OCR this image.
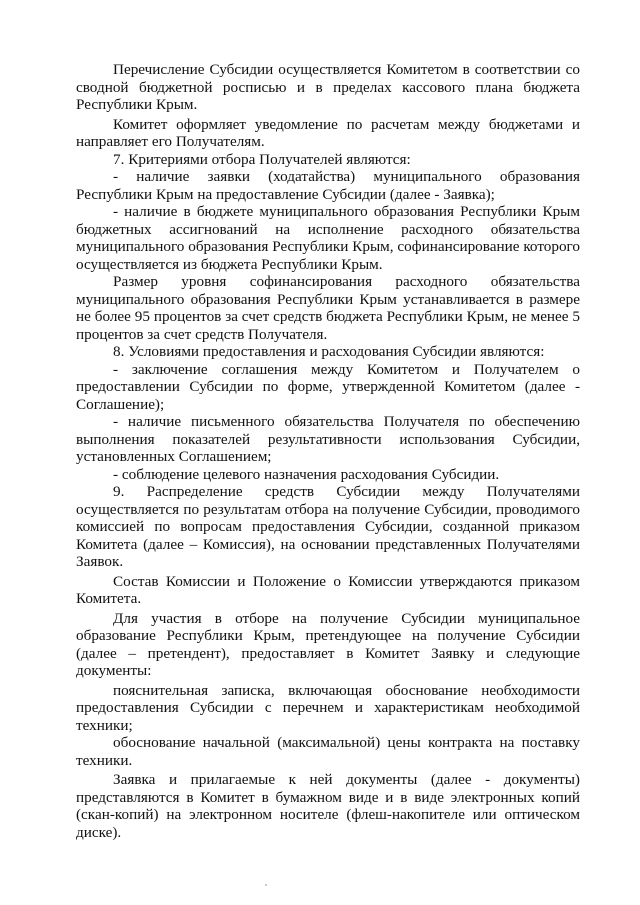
Перечисление Субсидии осуществляется Комитетом в соответствии со сводной бюджетной росписью и в пределах кассового плана бюджета Республики Крым.

Комитет оформляет уведомление по расчетам между бюджетами и направляет его Получателям.

7. Критериями отбора Получателей являются:

- наличие заявки (ходатайства) муниципального образования Республики Крым на предоставление Субсидии (далее - Заявка);

- наличие в бюджете муниципального образования Республики Крым бюджетных ассигнований на исполнение расходного обязательства муниципального образования Республики Крым, софинансирование которого осуществляется из бюджета Республики Крым.

Размер уровня софинансирования расходного обязательства муниципального образования Республики Крым устанавливается в размере не более 95 процентов за счет средств бюджета Республики Крым, не менее 5 процентов за счет средств Получателя.

8. Условиями предоставления и расходования Субсидии являются:

- заключение соглашения между Комитетом и Получателем о предоставлении Субсидии по форме, утвержденной Комитетом (далее - Соглашение);

- наличие письменного обязательства Получателя по обеспечению выполнения показателей результативности использования Субсидии, установленных Соглашением;

- соблюдение целевого назначения расходования Субсидии.

9. Распределение средств Субсидии между Получателями осуществляется по результатам отбора на получение Субсидии, проводимого комиссией по вопросам предоставления Субсидии, созданной приказом Комитета (далее – Комиссия), на основании представленных Получателями Заявок.

Состав Комиссии и Положение о Комиссии утверждаются приказом Комитета.

Для участия в отборе на получение Субсидии муниципальное образование Республики Крым, претендующее на получение Субсидии (далее – претендент), предоставляет в Комитет Заявку и следующие документы:

пояснительная записка, включающая обоснование необходимости предоставления Субсидии с перечнем и характеристикам необходимой техники;

обоснование начальной (максимальной) цены контракта на поставку техники.

Заявка и прилагаемые к ней документы (далее - документы) представляются в Комитет в бумажном виде и в виде электронных копий (скан-копий) на электронном носителе (флеш-накопителе или оптическом диске).
